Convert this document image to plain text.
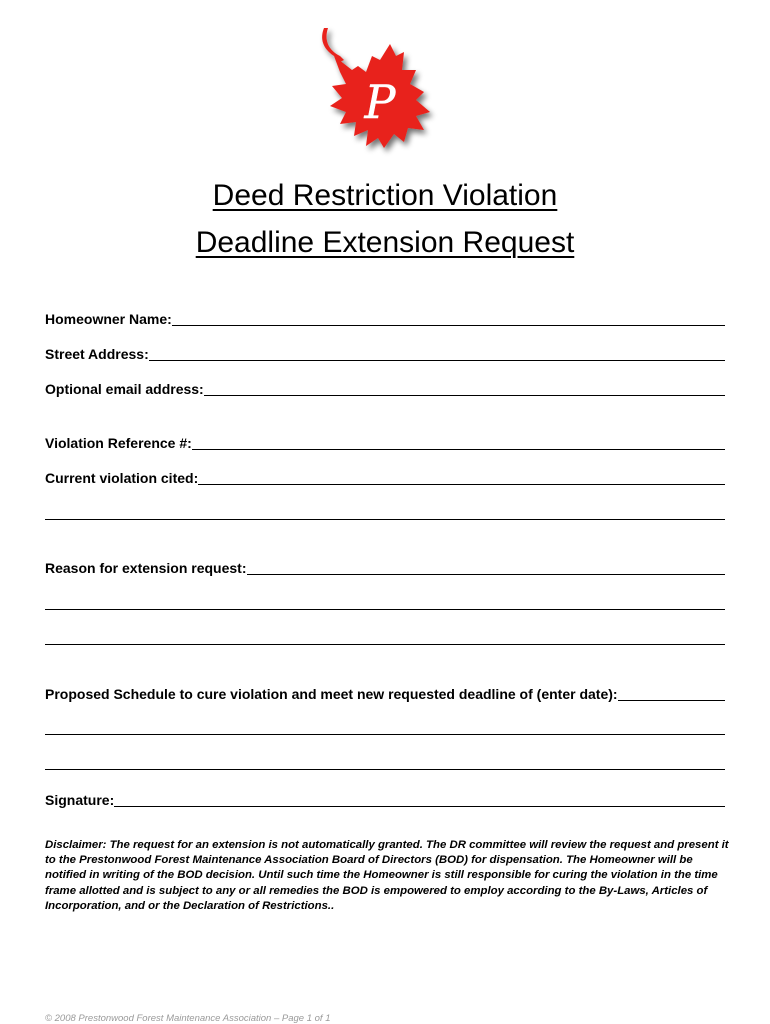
P
Deed Restriction Violation
Deadline Extension Request
Homeowner Name:
Street Address:
Optional email address:
Violation Reference #:
Current violation cited:
Reason for extension request:
Proposed Schedule to cure violation and meet new requested deadline of (enter date):
Signature:
Disclaimer: The request for an extension is not automatically granted. The DR committee will review the request and present it to the Prestonwood Forest Maintenance Association Board of Directors (BOD) for dispensation. The Homeowner will be notified in writing of the BOD decision. Until such time the Homeowner is still responsible for curing the violation in the time frame allotted and is subject to any or all remedies the BOD is empowered to employ according to the By-Laws, Articles of Incorporation, and or the Declaration of Restrictions..
© 2008 Prestonwood Forest Maintenance Association – Page 1 of 1
